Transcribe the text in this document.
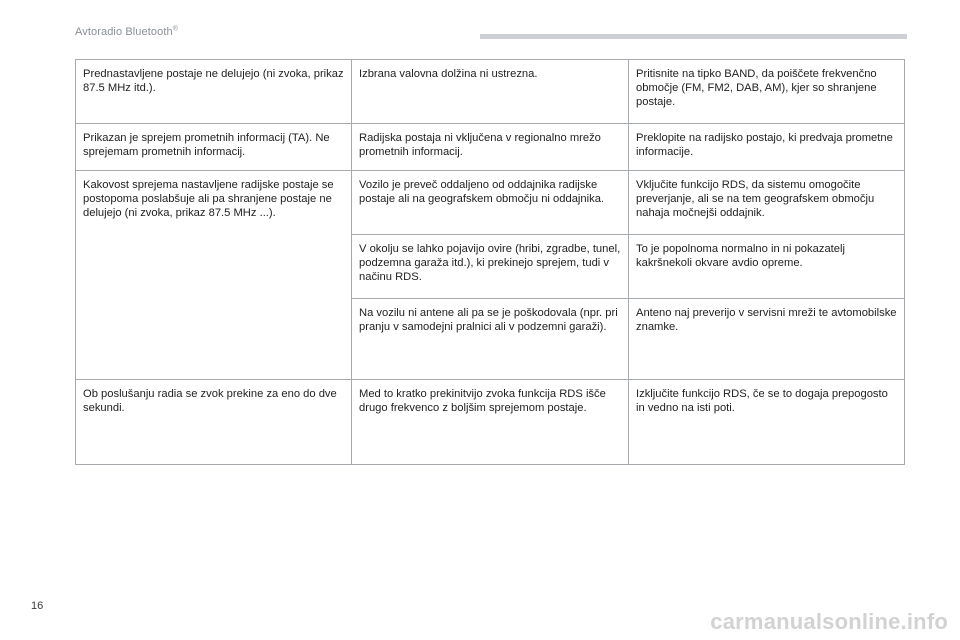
Avtoradio Bluetooth®
Prednastavljene postaje ne delujejo (ni zvoka, prikaz 87.5 MHz itd.).	Izbrana valovna dolžina ni ustrezna.	Pritisnite na tipko BAND, da poiščete frekvenčno območje (FM, FM2, DAB, AM), kjer so shranjene postaje.
Prikazan je sprejem prometnih informacij (TA). Ne sprejemam prometnih informacij.	Radijska postaja ni vključena v regionalno mrežo prometnih informacij.	Preklopite na radijsko postajo, ki predvaja prometne informacije.
Kakovost sprejema nastavljene radijske postaje se postopoma poslabšuje ali pa shranjene postaje ne delujejo (ni zvoka, prikaz 87.5 MHz ...).	Vozilo je preveč oddaljeno od oddajnika radijske postaje ali na geografskem območju ni oddajnika.	Vključite funkcijo RDS, da sistemu omogočite preverjanje, ali se na tem geografskem območju nahaja močnejši oddajnik.
	V okolju se lahko pojavijo ovire (hribi, zgradbe, tunel, podzemna garaža itd.), ki prekinejo sprejem, tudi v načinu RDS.	To je popolnoma normalno in ni pokazatelj kakršnekoli okvare avdio opreme.
	Na vozilu ni antene ali pa se je poškodovala (npr. pri pranju v samodejni pralnici ali v podzemni garaži).	Anteno naj preverijo v servisni mreži te avtomobilske znamke.
Ob poslušanju radia se zvok prekine za eno do dve sekundi.	Med to kratko prekinitvijo zvoka funkcija RDS išče drugo frekvenco z boljšim sprejemom postaje.	Izključite funkcijo RDS, če se to dogaja prepogosto in vedno na isti poti.
16
carmanualsonline.info
